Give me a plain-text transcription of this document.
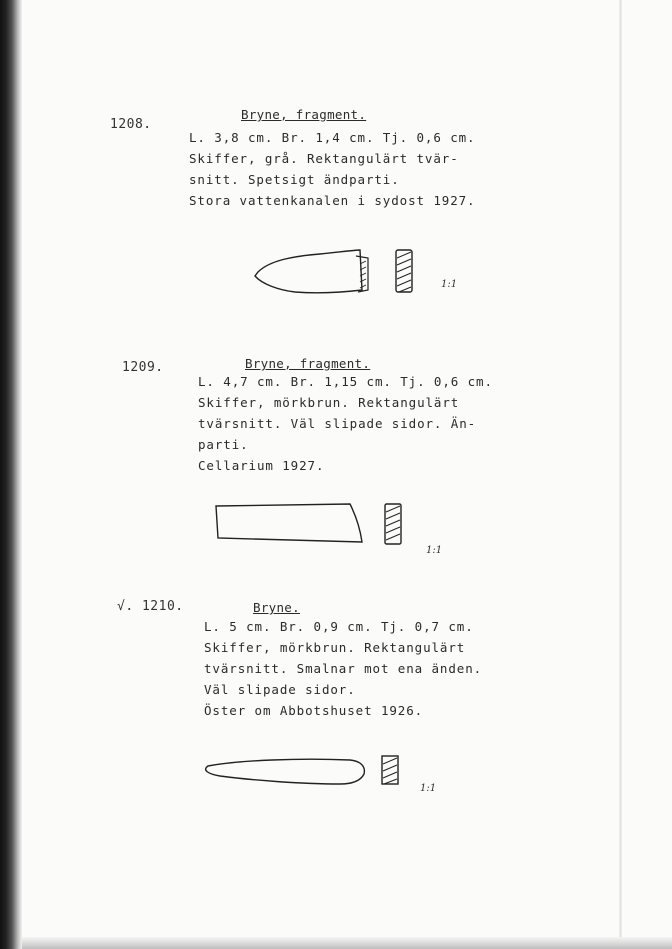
1208.
Bryne, fragment.
L. 3,8 cm. Br. 1,4 cm. Tj. 0,6 cm.
Skiffer, grå. Rektangulärt tvär-
snitt. Spetsigt ändparti.
Stora vattenkanalen i sydost 1927.
1:1
1209.	Bryne, fragment.
L. 4,7 cm. Br. 1,15 cm. Tj. 0,6 cm.
Skiffer, mörkbrun. Rektangulärt
tvärsnitt. Väl slipade sidor. Än-
parti.
Cellarium 1927.
1:1
√. 1210.	Bryne.
L. 5 cm. Br. 0,9 cm. Tj. 0,7 cm.
Skiffer, mörkbrun. Rektangulärt
tvärsnitt. Smalnar mot ena änden.
Väl slipade sidor.
Öster om Abbotshuset 1926.
1:1
